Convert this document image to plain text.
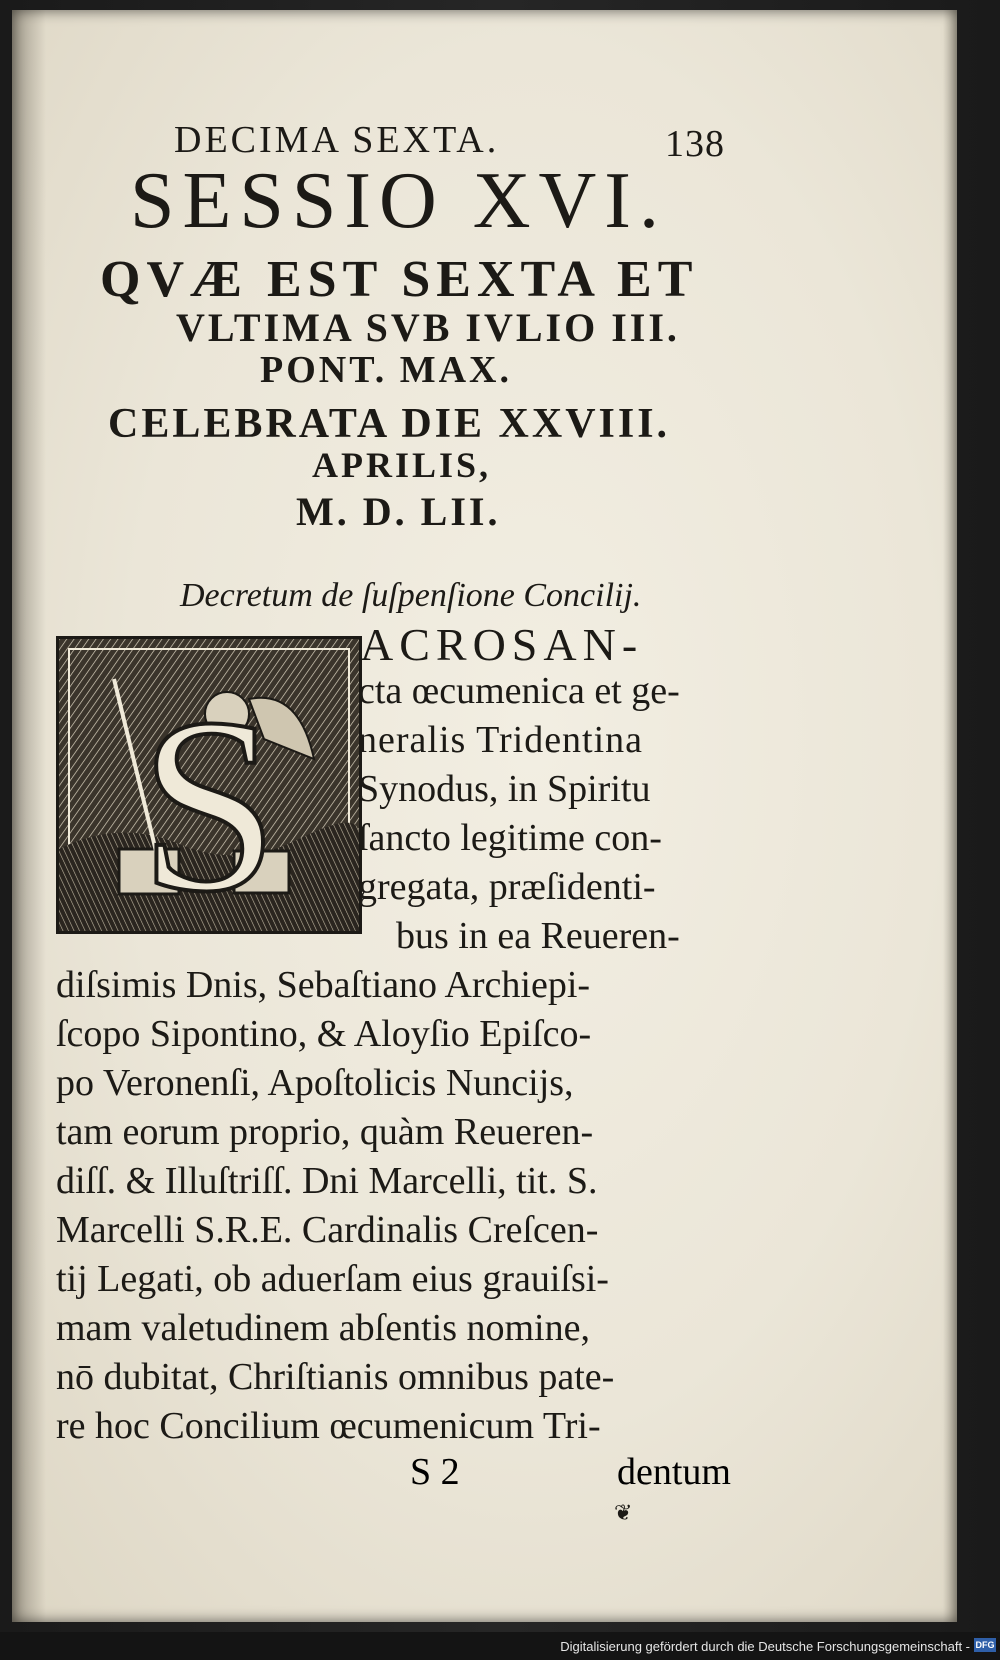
DECIMA SEXTA.	138
SESSIO XVI.
QVÆ EST SEXTA ET
VLTIMA SVB IVLIO III.
PONT. MAX.
CELEBRATA DIE XXVIII.
APRILIS,
M. D. LII.
Decretum de ſuſpenſione Concilij.
S
ACROSAN-
cta œcumenica et ge-
neralis Tridentina
Synodus, in Spiritu
ſancto legitime con-
gregata, præſidenti-
bus in ea Reueren-
diſsimis Dnis, Sebaſtiano Archiepi-
ſcopo Sipontino, & Aloyſio Epiſco-
po Veronenſi, Apoſtolicis Nuncijs,
tam eorum proprio, quàm Reueren-
diſſ. & Illuſtriſſ. Dni Marcelli, tit. S.
Marcelli S.R.E. Cardinalis Creſcen-
tij Legati, ob aduerſam eius grauiſsi-
mam valetudinem abſentis nomine,
nō dubitat, Chriſtianis omnibus pate-
re hoc Concilium œcumenicum Tri-
S 2	dentum
❦
Digitalisierung gefördert durch die Deutsche Forschungsgemeinschaft - DFG
